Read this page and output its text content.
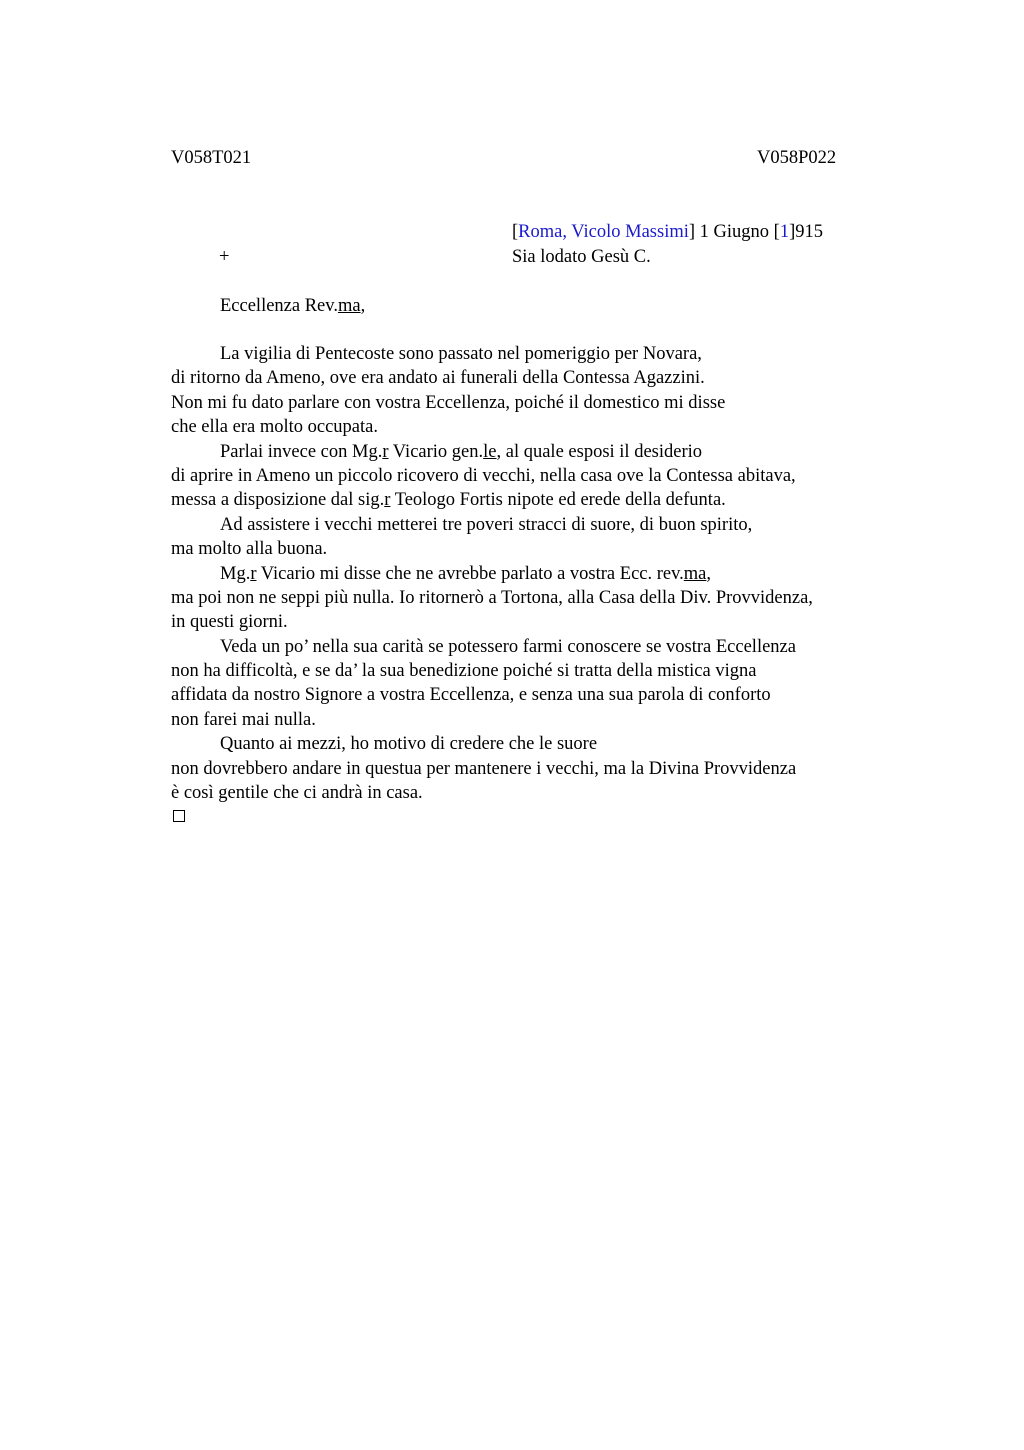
V058T021	V058P022
[Roma, Vicolo Massimi] 1 Giugno [1]915
+	Sia lodato Gesù C.
Eccellenza Rev.ma,
La vigilia di Pentecoste sono passato nel pomeriggio per Novara,
di ritorno da Ameno, ove era andato ai funerali della Contessa Agazzini.
Non mi fu dato parlare con vostra Eccellenza, poiché il domestico mi disse
che ella era molto occupata.
Parlai invece con Mg.r Vicario gen.le, al quale esposi il desiderio
di aprire in Ameno un piccolo ricovero di vecchi, nella casa ove la Contessa abitava,
messa a disposizione dal sig.r Teologo Fortis nipote ed erede della defunta.
Ad assistere i vecchi metterei tre poveri stracci di suore, di buon spirito,
ma molto alla buona.
Mg.r Vicario mi disse che ne avrebbe parlato a vostra Ecc. rev.ma,
ma poi non ne seppi più nulla. Io ritornerò a Tortona, alla Casa della Div. Provvidenza,
in questi giorni.
Veda un po’ nella sua carità se potessero farmi conoscere se vostra Eccellenza
non ha difficoltà, e se da’ la sua benedizione poiché si tratta della mistica vigna
affidata da nostro Signore a vostra Eccellenza, e senza una sua parola di conforto
non farei mai nulla.
Quanto ai mezzi, ho motivo di credere che le suore
non dovrebbero andare in questua per mantenere i vecchi, ma la Divina Provvidenza
è così gentile che ci andrà in casa.
